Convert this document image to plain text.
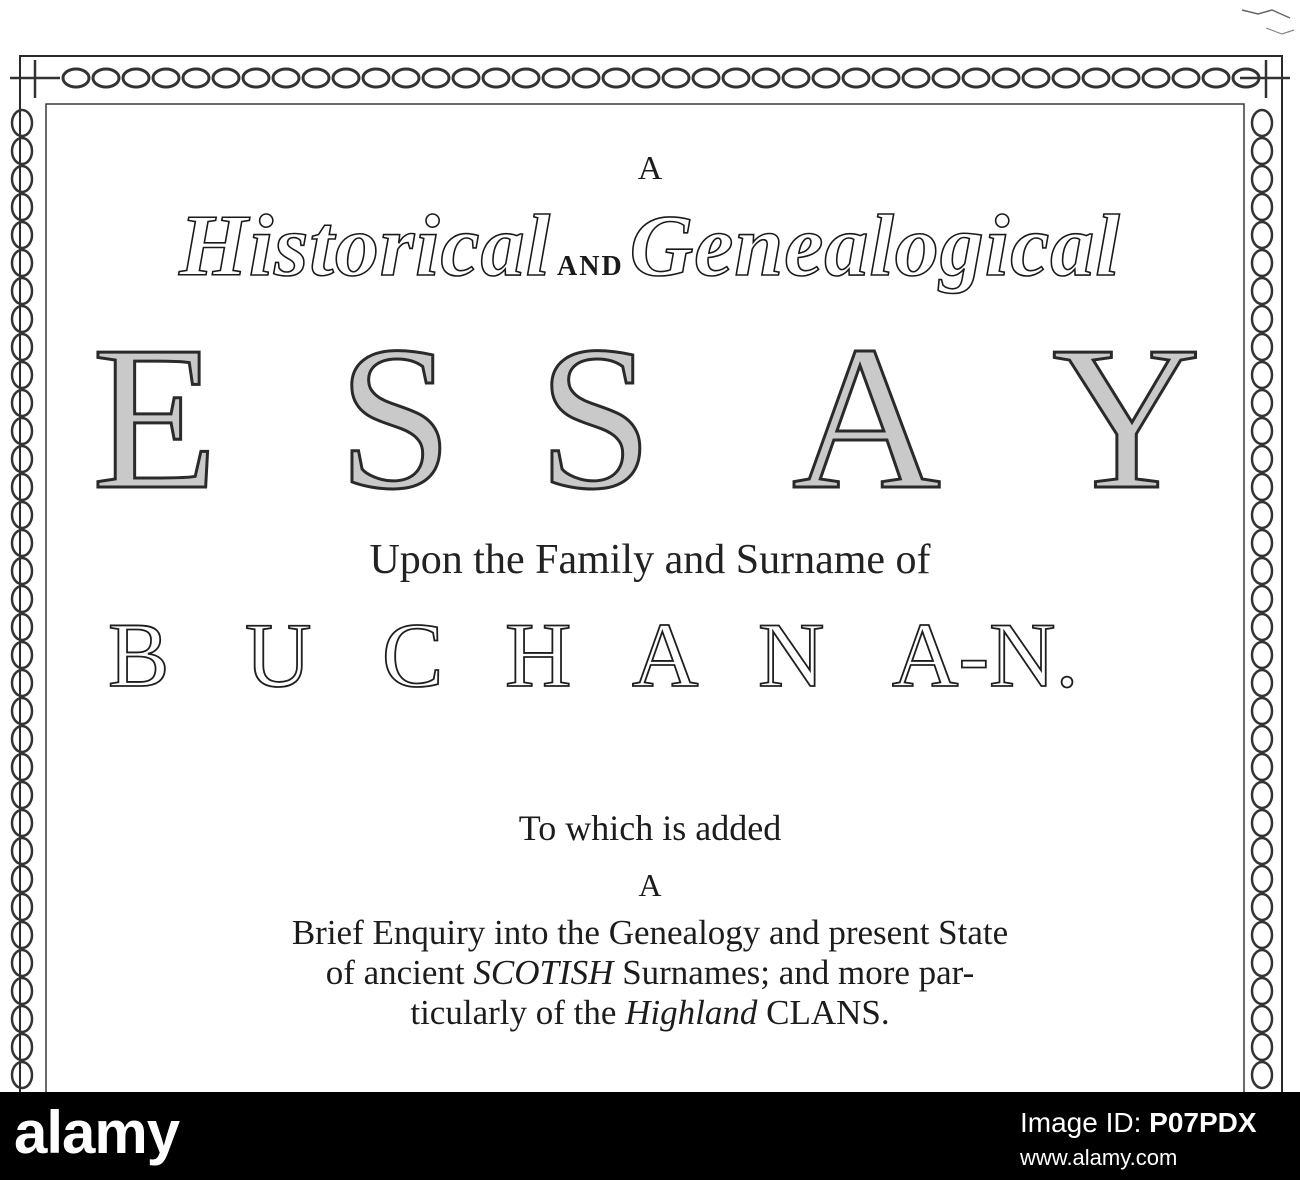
A
Historical andGenealogical
E S S A Y
Upon the Family and Surname of
B U C H A N A-N.
To which is added
A
Brief Enquiry into the Genealogy and present State
of ancient SCOTISH Surnames; and more par-
ticularly of the Highland CLANS.
alamy	Image ID: P07PDX
www.alamy.com
